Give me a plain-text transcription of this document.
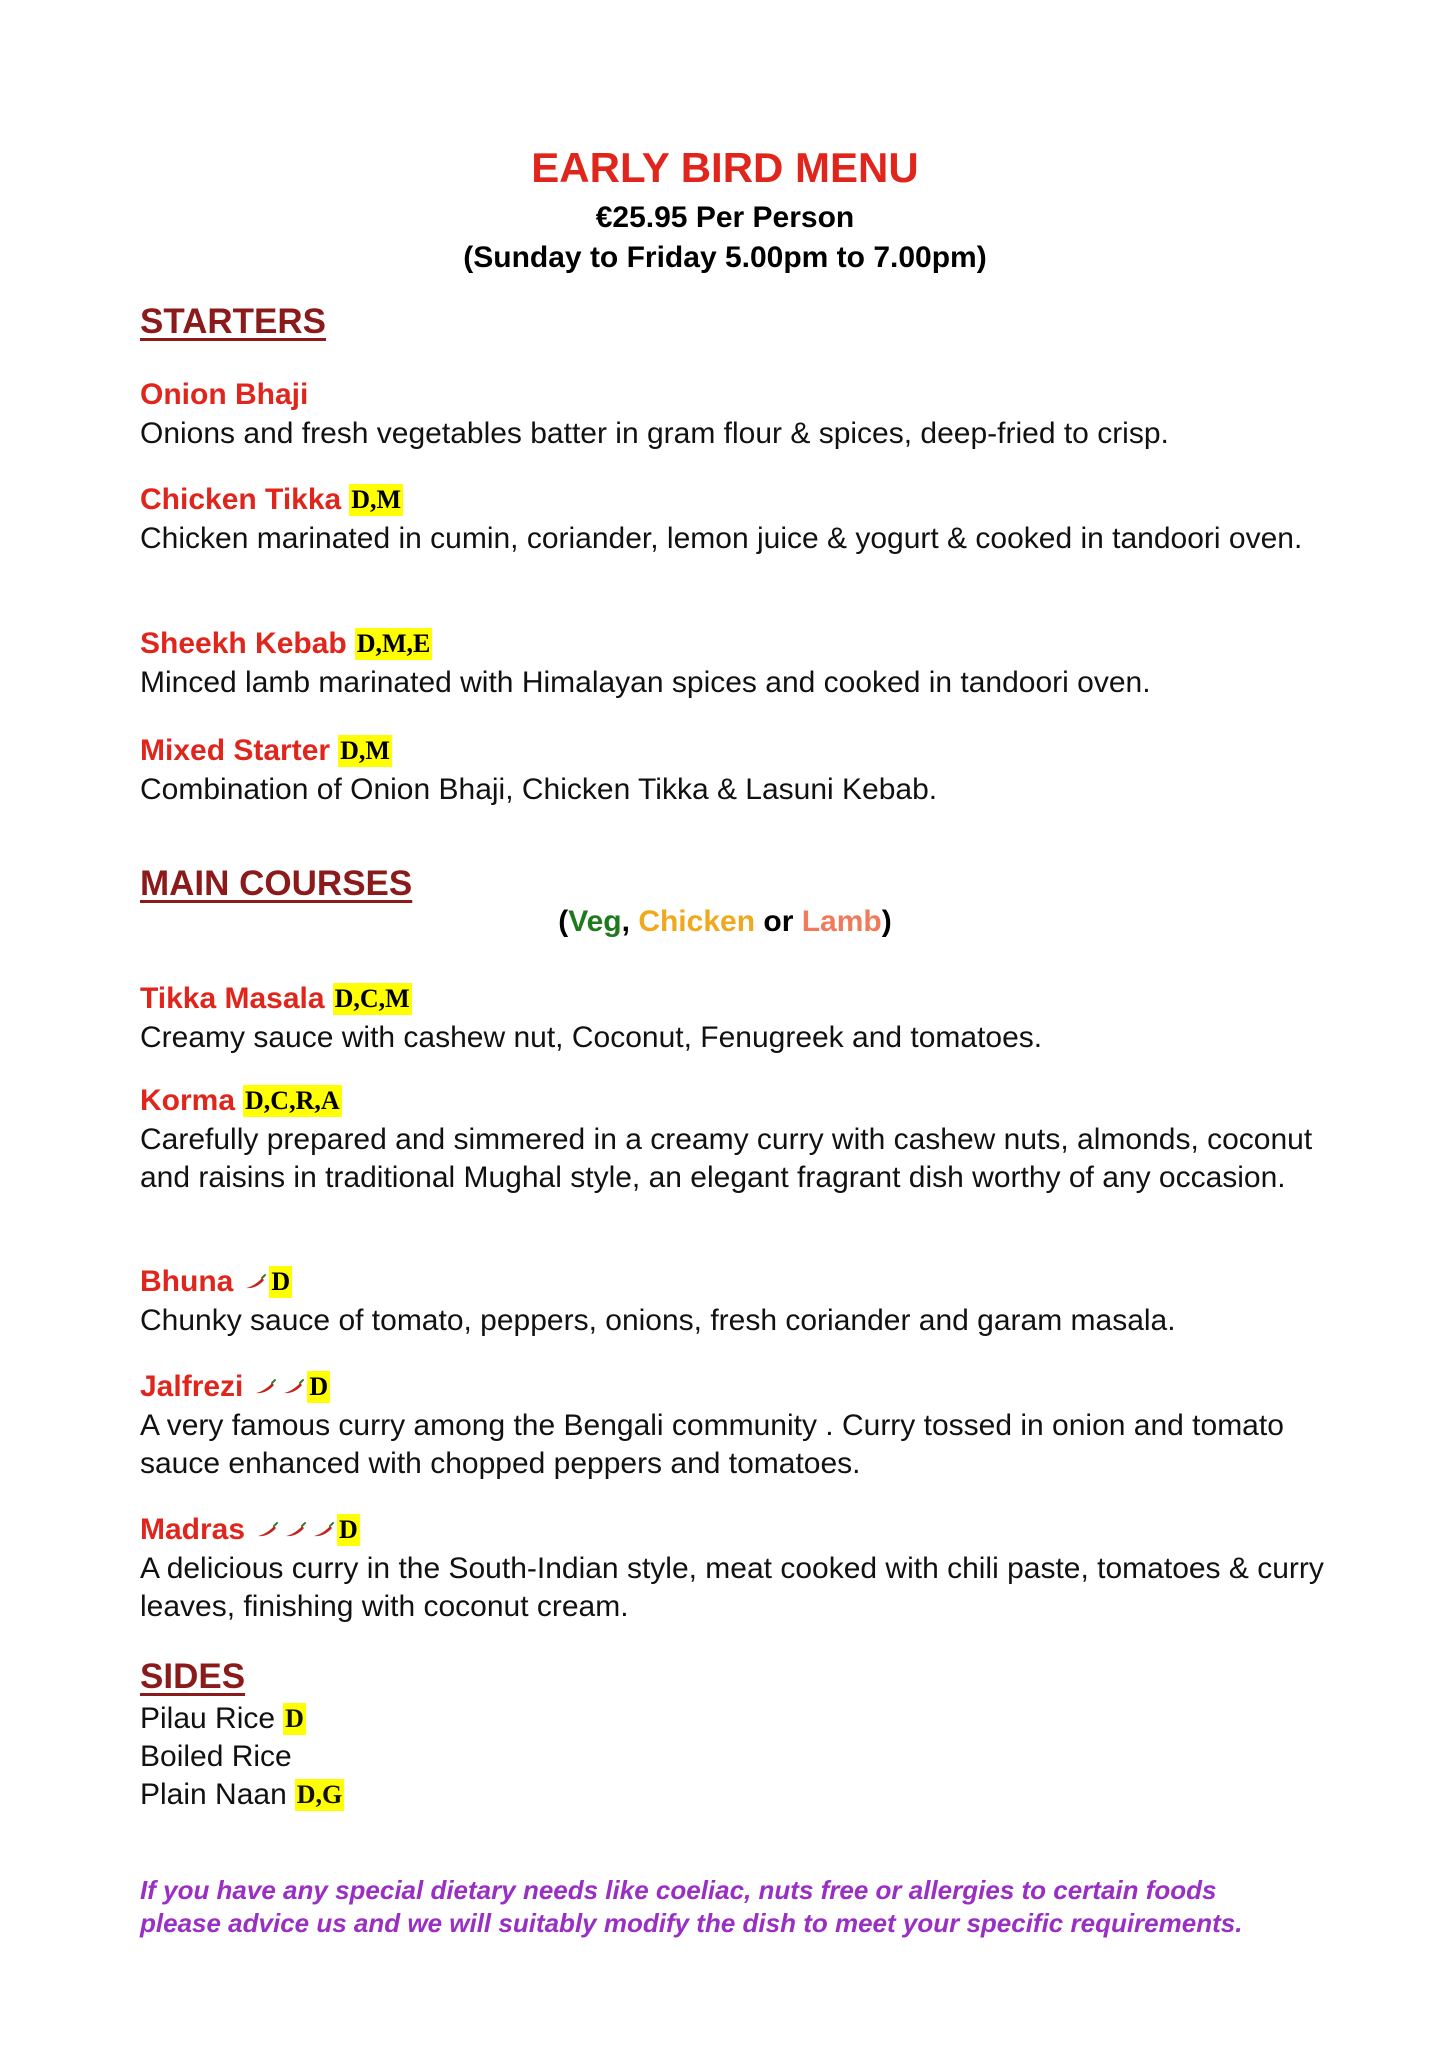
EARLY BIRD MENU
€25.95 Per Person
(Sunday to Friday 5.00pm to 7.00pm)
STARTERS
Onion Bhaji
Onions and fresh vegetables batter in gram flour & spices, deep-fried to crisp.
Chicken Tikka D,M
Chicken marinated in cumin, coriander, lemon juice & yogurt & cooked in tandoori oven.
Sheekh Kebab D,M,E
Minced lamb marinated with Himalayan spices and cooked in tandoori oven.
Mixed Starter D,M
Combination of Onion Bhaji, Chicken Tikka & Lasuni Kebab.
MAIN COURSES
(Veg, Chicken or Lamb)
Tikka Masala D,C,M
Creamy sauce with cashew nut, Coconut, Fenugreek and tomatoes.
Korma D,C,R,A
Carefully prepared and simmered in a creamy curry with cashew nuts, almonds, coconut and raisins in traditional Mughal style, an elegant fragrant dish worthy of any occasion.
Bhuna D
Chunky sauce of tomato, peppers, onions, fresh coriander and garam masala.
Jalfrezi	D
A very famous curry among the Bengali community . Curry tossed in onion and tomato sauce enhanced with chopped peppers and tomatoes.
Madras	D
A delicious curry in the South-Indian style, meat cooked with chili paste, tomatoes & curry leaves, finishing with coconut cream.
SIDES
Pilau Rice D
Boiled Rice
Plain Naan D,G
If you have any special dietary needs like coeliac, nuts free or allergies to certain foods
please advice us and we will suitably modify the dish to meet your specific requirements.
